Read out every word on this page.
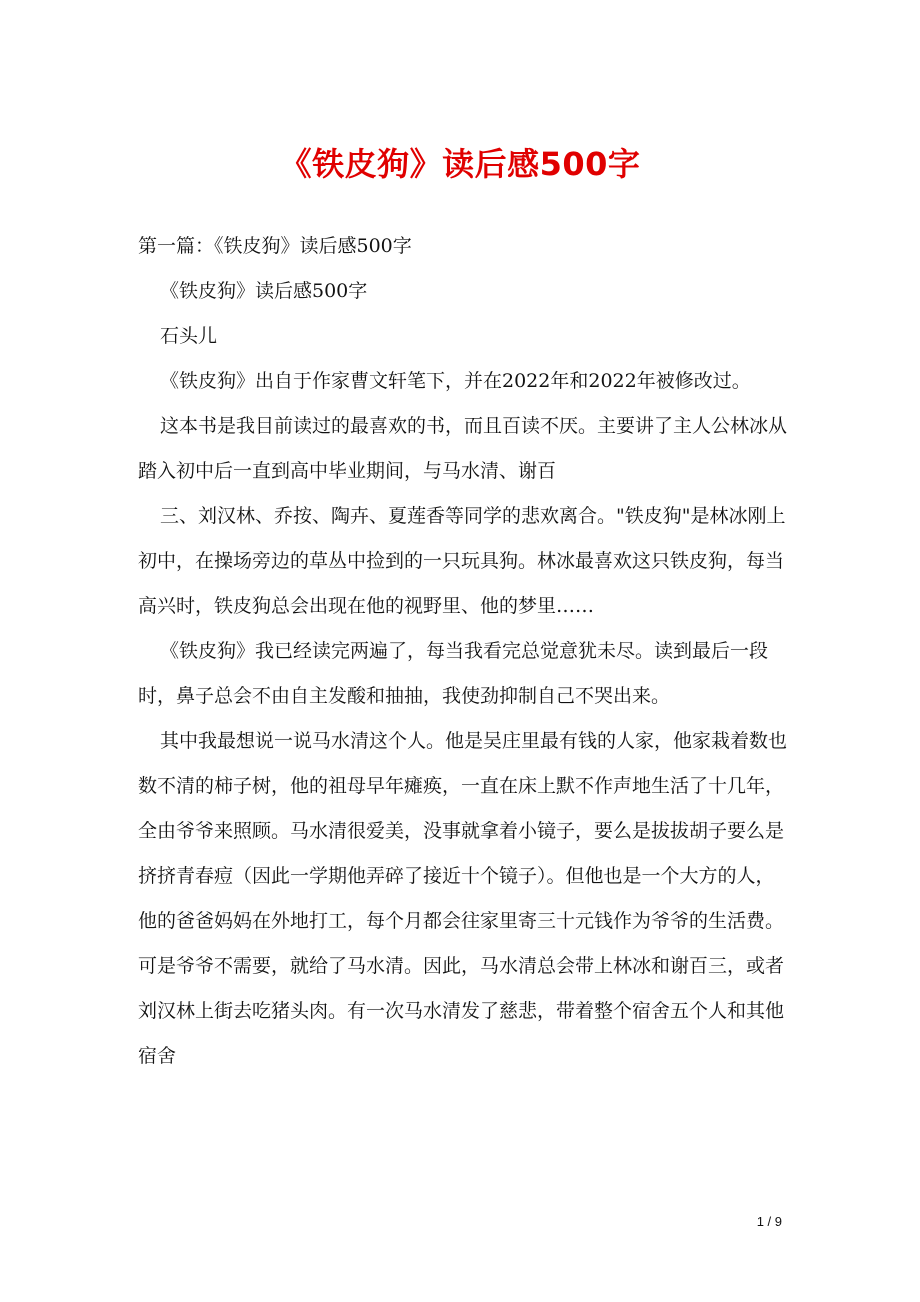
《铁皮狗》读后感500字

第一篇：《铁皮狗》读后感500字

《铁皮狗》读后感500字

石头儿

《铁皮狗》出自于作家曹文轩笔下，并在2022年和2022年被修改过。

这本书是我目前读过的最喜欢的书，而且百读不厌。主要讲了主人公林冰从踏入初中后一直到高中毕业期间，与马水清、谢百

三、刘汉林、乔按、陶卉、夏莲香等同学的悲欢离合。"铁皮狗"是林冰刚上初中，在操场旁边的草丛中捡到的一只玩具狗。林冰最喜欢这只铁皮狗，每当高兴时，铁皮狗总会出现在他的视野里、他的梦里……

《铁皮狗》我已经读完两遍了，每当我看完总觉意犹未尽。读到最后一段时，鼻子总会不由自主发酸和抽抽，我使劲抑制自己不哭出来。

其中我最想说一说马水清这个人。他是吴庄里最有钱的人家，他家栽着数也数不清的柿子树，他的祖母早年瘫痪，一直在床上默不作声地生活了十几年，全由爷爷来照顾。马水清很爱美，没事就拿着小镜子，要么是拔拔胡子要么是挤挤青春痘（因此一学期他弄碎了接近十个镜子）。但他也是一个大方的人，他的爸爸妈妈在外地打工，每个月都会往家里寄三十元钱作为爷爷的生活费。可是爷爷不需要，就给了马水清。因此，马水清总会带上林冰和谢百三，或者刘汉林上街去吃猪头肉。有一次马水清发了慈悲，带着整个宿舍五个人和其他宿舍

1 / 9
